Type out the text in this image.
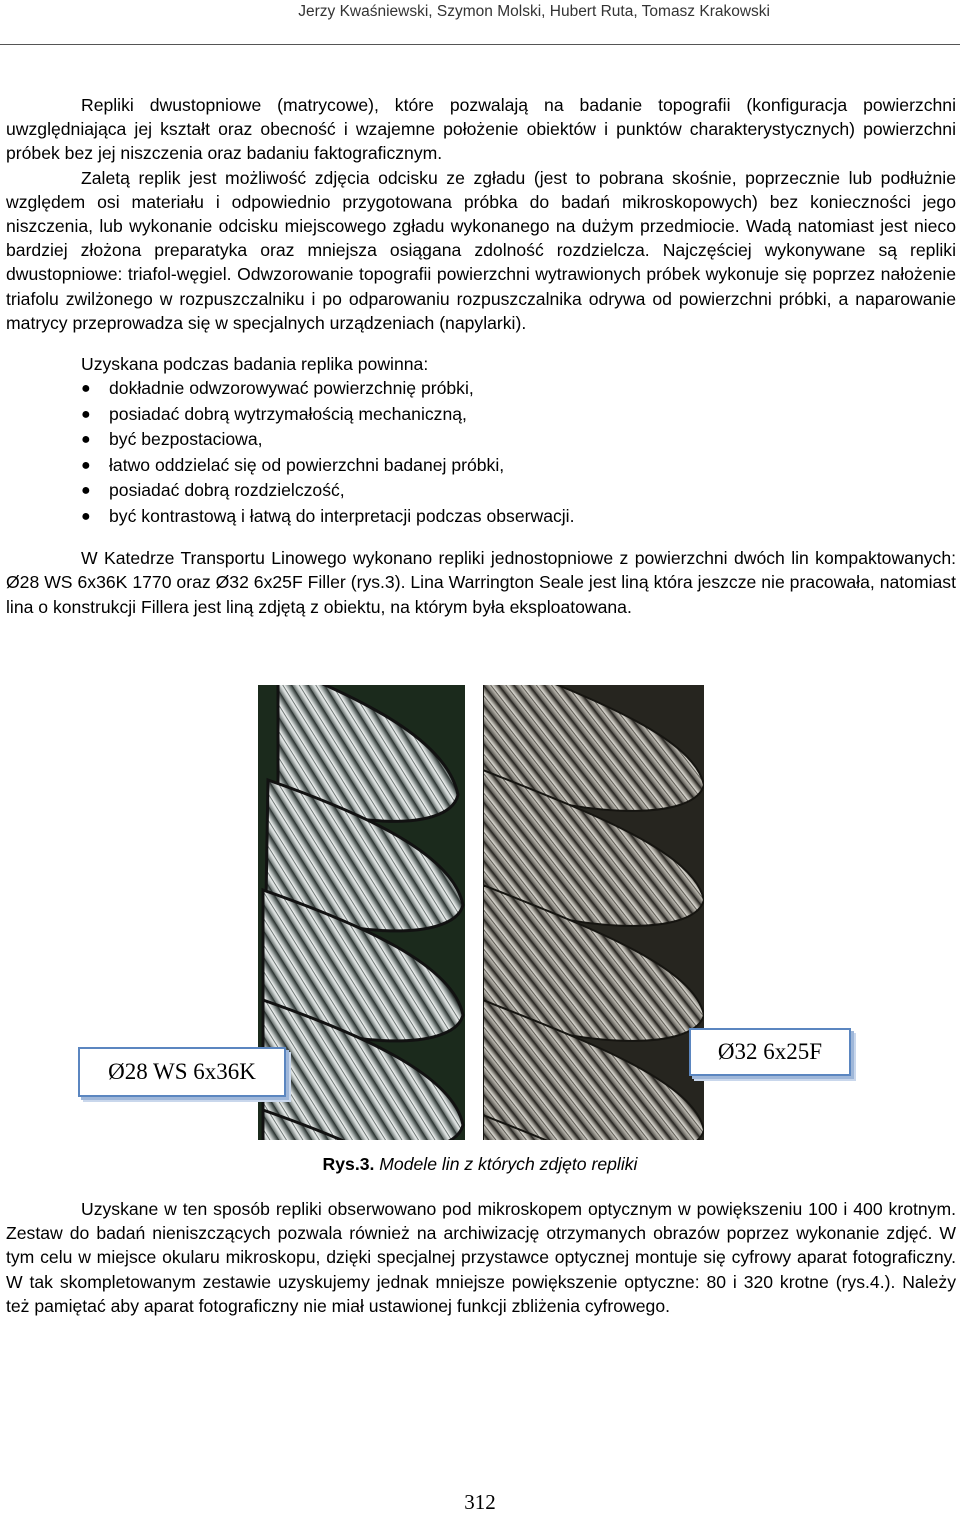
Jerzy Kwaśniewski, Szymon Molski, Hubert Ruta, Tomasz Krakowski

Repliki dwustopniowe (matrycowe), które pozwalają na badanie topografii (konfiguracja powierzchni uwzględniająca jej kształt oraz obecność i wzajemne położenie obiektów i punktów charakterystycznych) powierzchni próbek bez jej niszczenia oraz badaniu faktograficznym.

Zaletą replik jest możliwość zdjęcia odcisku ze zgładu (jest to pobrana skośnie, poprzecznie lub podłużnie względem osi materiału i odpowiednio przygotowana próbka do badań mikroskopowych) bez konieczności jego niszczenia, lub wykonanie odcisku miejscowego zgładu wykonanego na dużym przedmiocie. Wadą natomiast jest nieco bardziej złożona preparatyka oraz mniejsza osiągana zdolność rozdzielcza. Najczęściej wykonywane są repliki dwustopniowe: triafol-węgiel. Odwzorowanie topografii powierzchni wytrawionych próbek wykonuje się poprzez nałożenie triafolu zwilżonego w rozpuszczalniku i po odparowaniu rozpuszczalnika odrywa od powierzchni próbki, a naparowanie matrycy przeprowadza się w specjalnych urządzeniach (napylarki).

Uzyskana podczas badania replika powinna:

● dokładnie odwzorowywać powierzchnię próbki,
● posiadać dobrą wytrzymałością mechaniczną,
● być bezpostaciowa,
● łatwo oddzielać się od powierzchni badanej próbki,
● posiadać dobrą rozdzielczość,
● być kontrastową i łatwą do interpretacji podczas obserwacji.

W Katedrze Transportu Linowego wykonano repliki jednostopniowe z powierzchni dwóch lin kompaktowanych: Ø28 WS 6x36K 1770 oraz Ø32 6x25F Filler (rys.3). Lina Warrington Seale jest liną która jeszcze nie pracowała, natomiast lina o konstrukcji Fillera jest liną zdjętą z obiektu, na którym była eksploatowana.

Ø28 WS 6x36K
Ø32 6x25F
Rys.3. Modele lin z których zdjęto repliki

Uzyskane w ten sposób repliki obserwowano pod mikroskopem optycznym w powiększeniu 100 i 400 krotnym. Zestaw do badań nieniszczących pozwala również na archiwizację otrzymanych obrazów poprzez wykonanie zdjęć. W tym celu w miejsce okularu mikroskopu, dzięki specjalnej przystawce optycznej montuje się cyfrowy aparat fotograficzny. W tak skompletowanym zestawie uzyskujemy jednak mniejsze powiększenie optyczne: 80 i 320 krotne (rys.4.). Należy też pamiętać aby aparat fotograficzny nie miał ustawionej funkcji zbliżenia cyfrowego.

312
